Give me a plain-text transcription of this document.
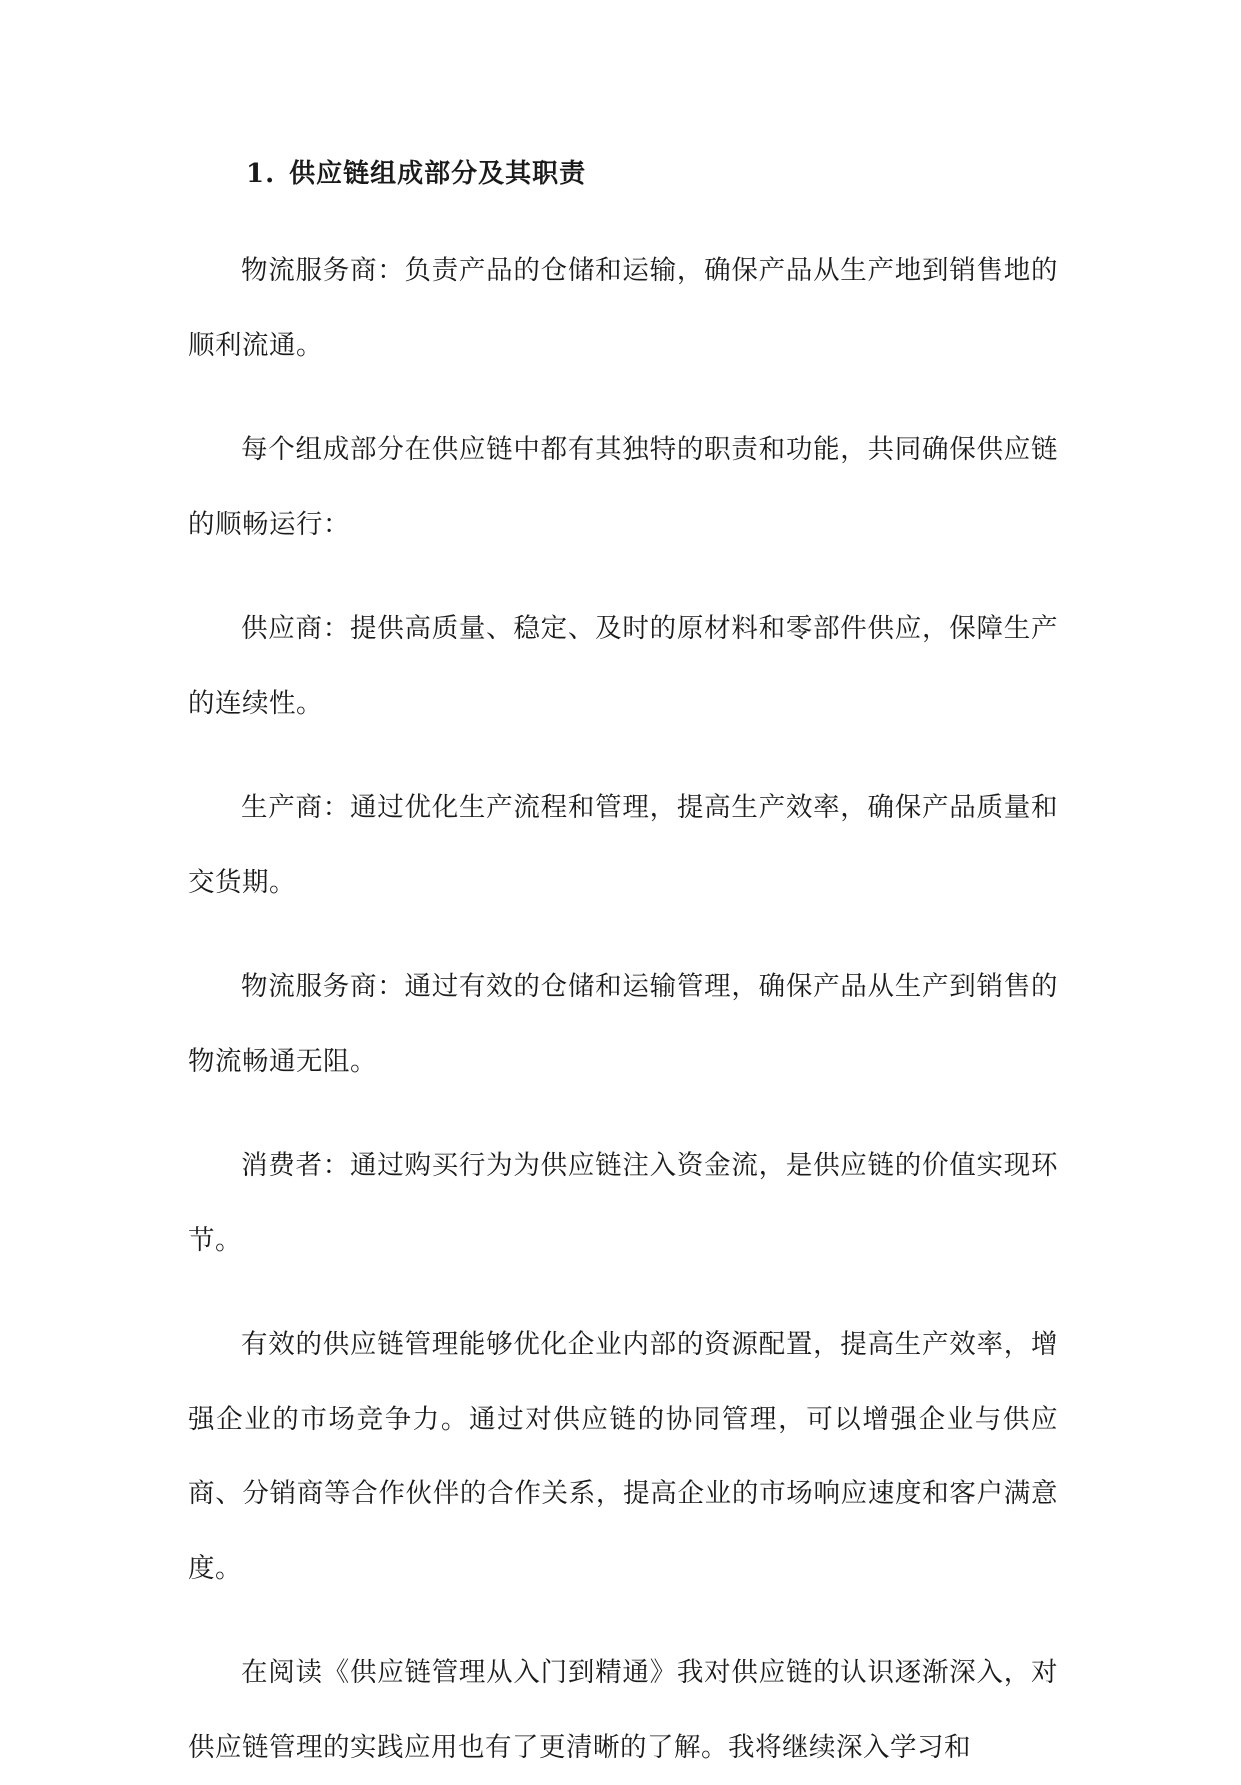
1. 供应链组成部分及其职责

物流服务商：负责产品的仓储和运输，确保产品从生产地到销售地的顺利流通。

每个组成部分在供应链中都有其独特的职责和功能，共同确保供应链的顺畅运行：

供应商：提供高质量、稳定、及时的原材料和零部件供应，保障生产的连续性。

生产商：通过优化生产流程和管理，提高生产效率，确保产品质量和交货期。

物流服务商：通过有效的仓储和运输管理，确保产品从生产到销售的物流畅通无阻。

消费者：通过购买行为为供应链注入资金流，是供应链的价值实现环节。

有效的供应链管理能够优化企业内部的资源配置，提高生产效率，增强企业的市场竞争力。通过对供应链的协同管理，可以增强企业与供应商、分销商等合作伙伴的合作关系，提高企业的市场响应速度和客户满意度。

在阅读《供应链管理从入门到精通》我对供应链的认识逐渐深入，对供应链管理的实践应用也有了更清晰的了解。我将继续深入学习和
